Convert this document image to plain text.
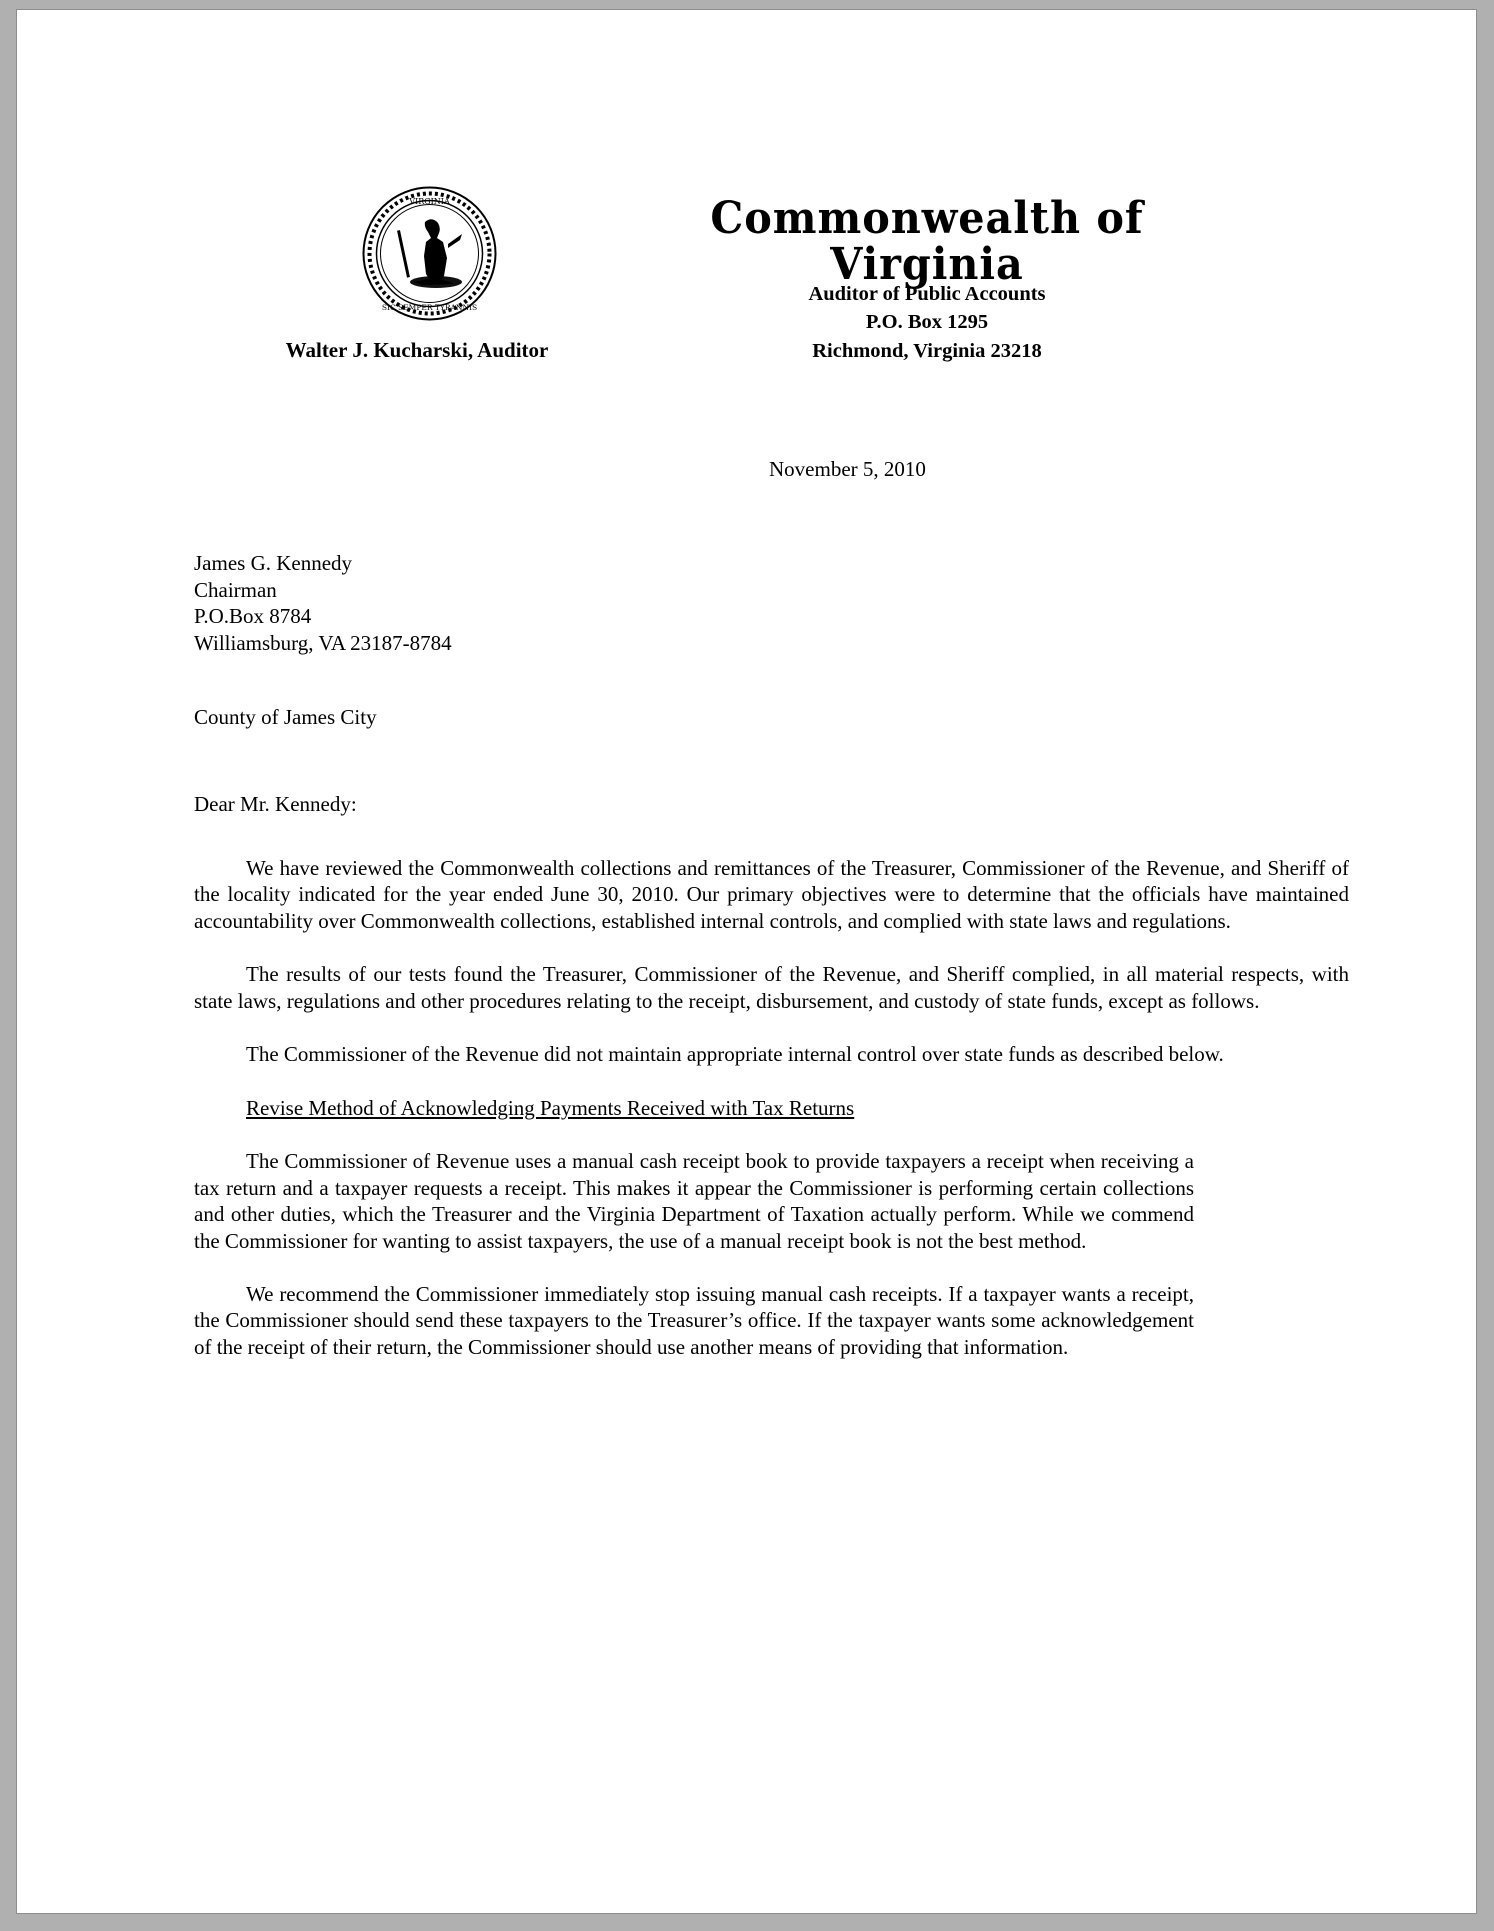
VIRGINIA
SIC SEMPER TYRANNIS
Commonwealth of Virginia
Auditor of Public Accounts
P.O. Box 1295
Richmond, Virginia 23218
Walter J. Kucharski, Auditor
November 5, 2010
James G. Kennedy
Chairman
P.O.Box 8784
Williamsburg, VA 23187-8784
County of James City
Dear Mr. Kennedy:

We have reviewed the Commonwealth collections and remittances of the Treasurer, Commissioner of the Revenue, and Sheriff of the locality indicated for the year ended June 30, 2010. Our primary objectives were to determine that the officials have maintained accountability over Commonwealth collections, established internal controls, and complied with state laws and regulations.

The results of our tests found the Treasurer, Commissioner of the Revenue, and Sheriff complied, in all material respects, with state laws, regulations and other procedures relating to the receipt, disbursement, and custody of state funds, except as follows.

The Commissioner of the Revenue did not maintain appropriate internal control over state funds as described below.

Revise Method of Acknowledging Payments Received with Tax Returns

The Commissioner of Revenue uses a manual cash receipt book to provide taxpayers a receipt when receiving a tax return and a taxpayer requests a receipt. This makes it appear the Commissioner is performing certain collections and other duties, which the Treasurer and the Virginia Department of Taxation actually perform. While we commend the Commissioner for wanting to assist taxpayers, the use of a manual receipt book is not the best method.

We recommend the Commissioner immediately stop issuing manual cash receipts. If a taxpayer wants a receipt, the Commissioner should send these taxpayers to the Treasurer’s office. If the taxpayer wants some acknowledgement of the receipt of their return, the Commissioner should use another means of providing that information.
